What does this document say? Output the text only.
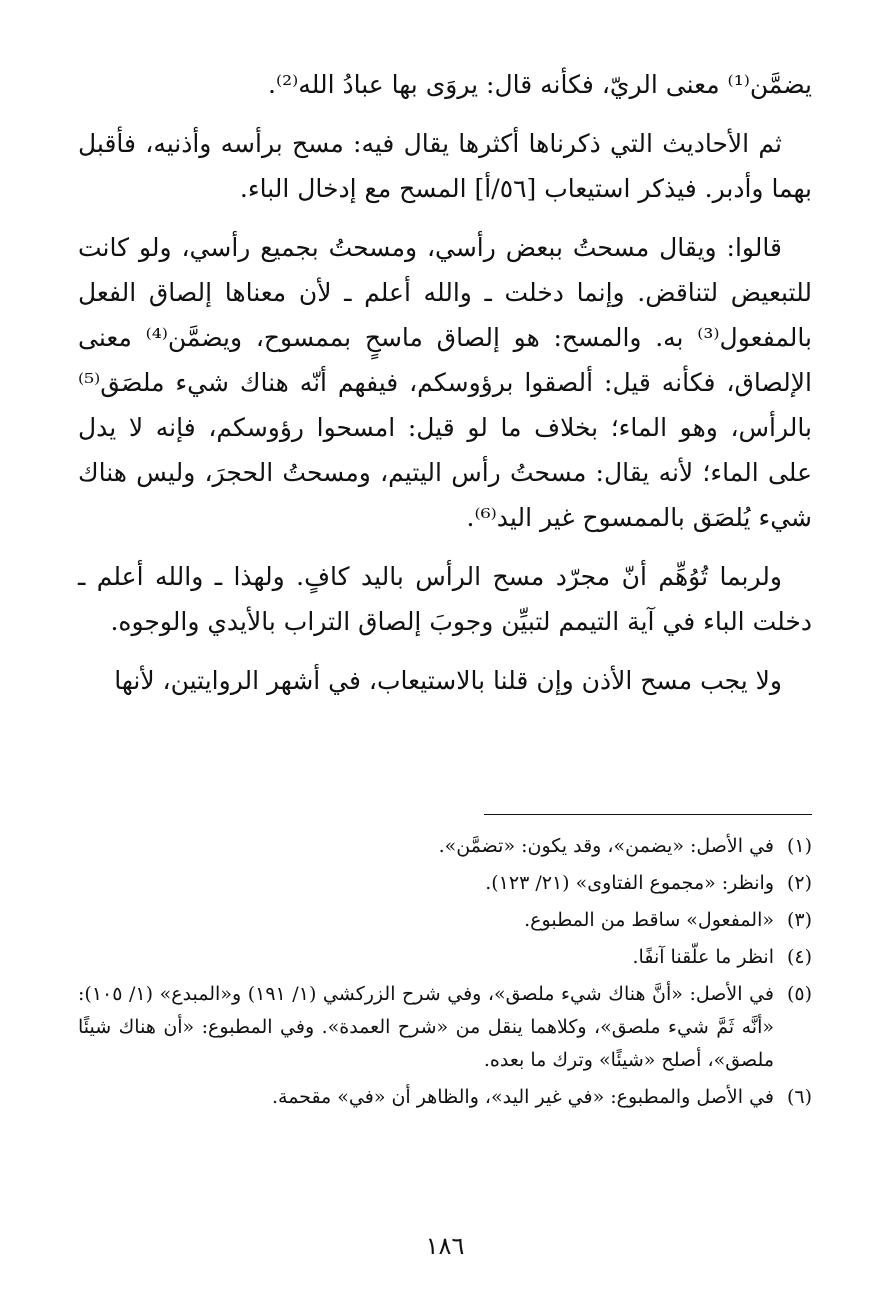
يضمَّن⁽¹⁾ معنى الريّ، فكأنه قال: يروَى بها عبادُ الله⁽²⁾.

ثم الأحاديث التي ذكرناها أكثرها يقال فيه: مسح برأسه وأذنيه، فأقبل بهما وأدبر. فيذكر استيعاب [٥٦/أ] المسح مع إدخال الباء.

قالوا: ويقال مسحتُ ببعض رأسي، ومسحتُ بجميع رأسي، ولو كانت للتبعيض لتناقض. وإنما دخلت ـ والله أعلم ـ لأن معناها إلصاق الفعل بالمفعول⁽³⁾ به. والمسح: هو إلصاق ماسحٍ بممسوح، ويضمَّن⁽⁴⁾ معنى الإلصاق، فكأنه قيل: ألصقوا برؤوسكم، فيفهم أنّه هناك شيء ملصَق⁽⁵⁾ بالرأس، وهو الماء؛ بخلاف ما لو قيل: امسحوا رؤوسكم، فإنه لا يدل على الماء؛ لأنه يقال: مسحتُ رأس اليتيم، ومسحتُ الحجرَ، وليس هناك شيء يُلصَق بالممسوح غير اليد⁽⁶⁾.

ولربما تُوُهِّم أنّ مجرّد مسح الرأس باليد كافٍ. ولهذا ـ والله أعلم ـ دخلت الباء في آية التيمم لتبيِّن وجوبَ إلصاق التراب بالأيدي والوجوه.

ولا يجب مسح الأذن وإن قلنا بالاستيعاب، في أشهر الروايتين، لأنها

(١)
في الأصل: «يضمن»، وقد يكون: «تضمَّن».
(٢)
وانظر: «مجموع الفتاوى» (٢١/ ١٢٣).
(٣)
«المفعول» ساقط من المطبوع.
(٤)
انظر ما علّقنا آنفًا.
(٥)
في الأصل: «أنَّ هناك شيء ملصق»، وفي شرح الزركشي (١/ ١٩١) و«المبدع» (١/ ١٠٥): «أنَّه ثَمَّ شيء ملصق»، وكلاهما ينقل من «شرح العمدة». وفي المطبوع: «أن هناك شيئًا ملصق»، أصلح «شيئًا» وترك ما بعده.
(٦)
في الأصل والمطبوع: «في غير اليد»، والظاهر أن «في» مقحمة.
١٨٦
